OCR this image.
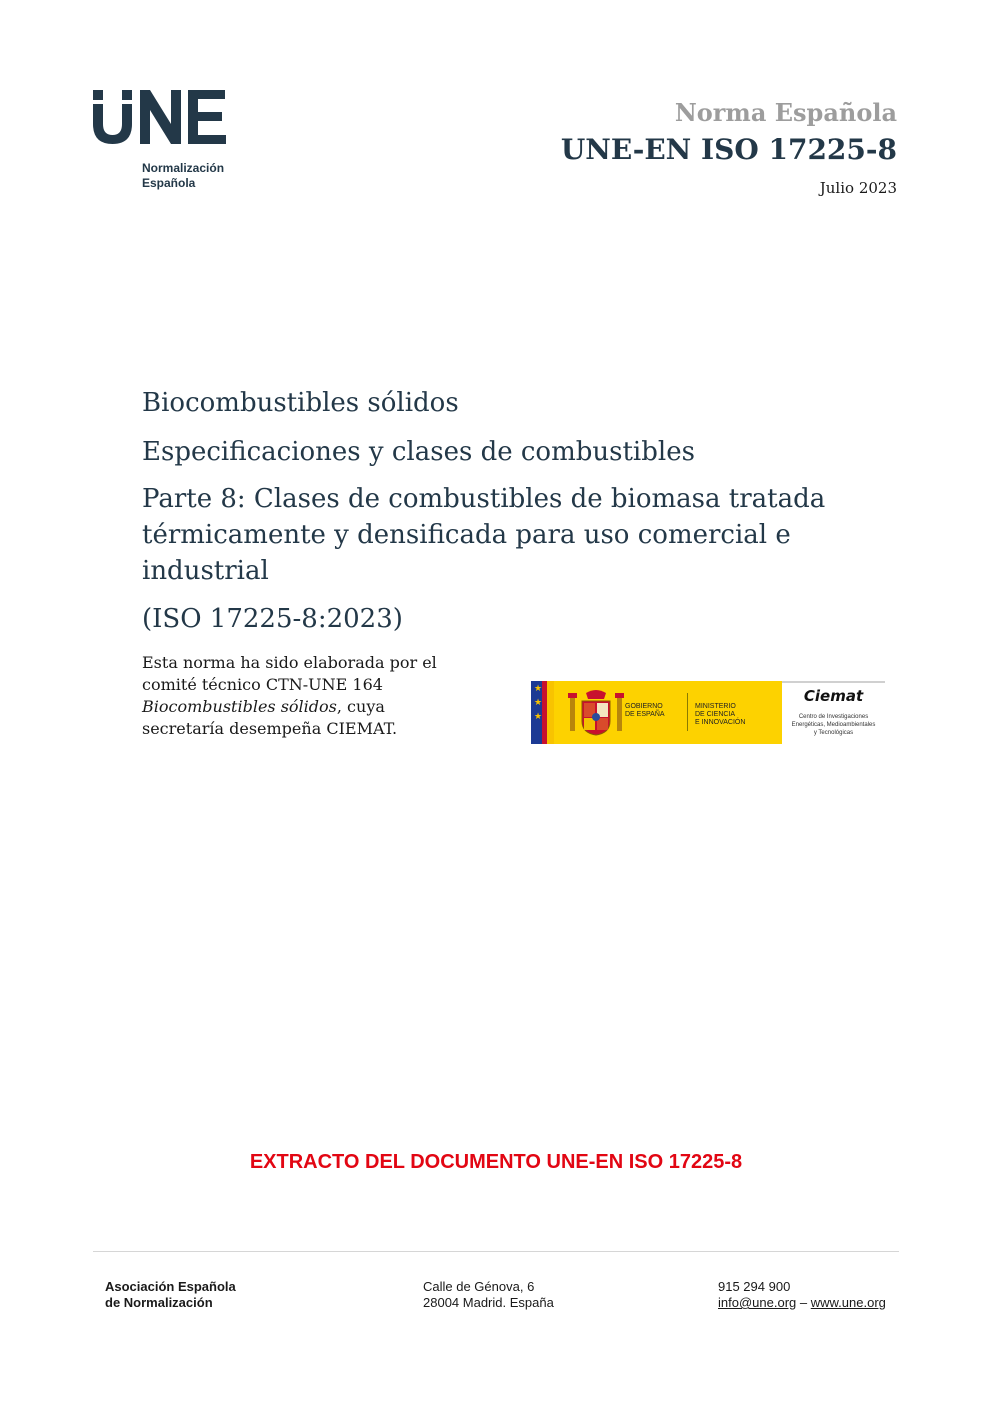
Normalización
Española
Norma Española
UNE-EN ISO 17225-8
Julio 2023

Biocombustibles sólidos

Especificaciones y clases de combustibles

Parte 8: Clases de combustibles de biomasa tratada

térmicamente y densificada para uso comercial e industrial

(ISO 17225-8:2023)

Esta norma ha sido elaborada por el comité técnico CTN-UNE 164 Biocombustibles sólidos, cuya secretaría desempeña CIEMAT.
★
★
★
GOBIERNO
DE ESPAÑA
MINISTERIO
DE CIENCIA
E INNOVACIÓN
Ciemat
Centro de Investigaciones
Energéticas, Medioambientales
y Tecnológicas
EXTRACTO DEL DOCUMENTO UNE-EN ISO 17225-8
Asociación Española
de Normalización
Calle de Génova, 6
28004 Madrid. España
915 294 900
info@une.org – www.une.org
